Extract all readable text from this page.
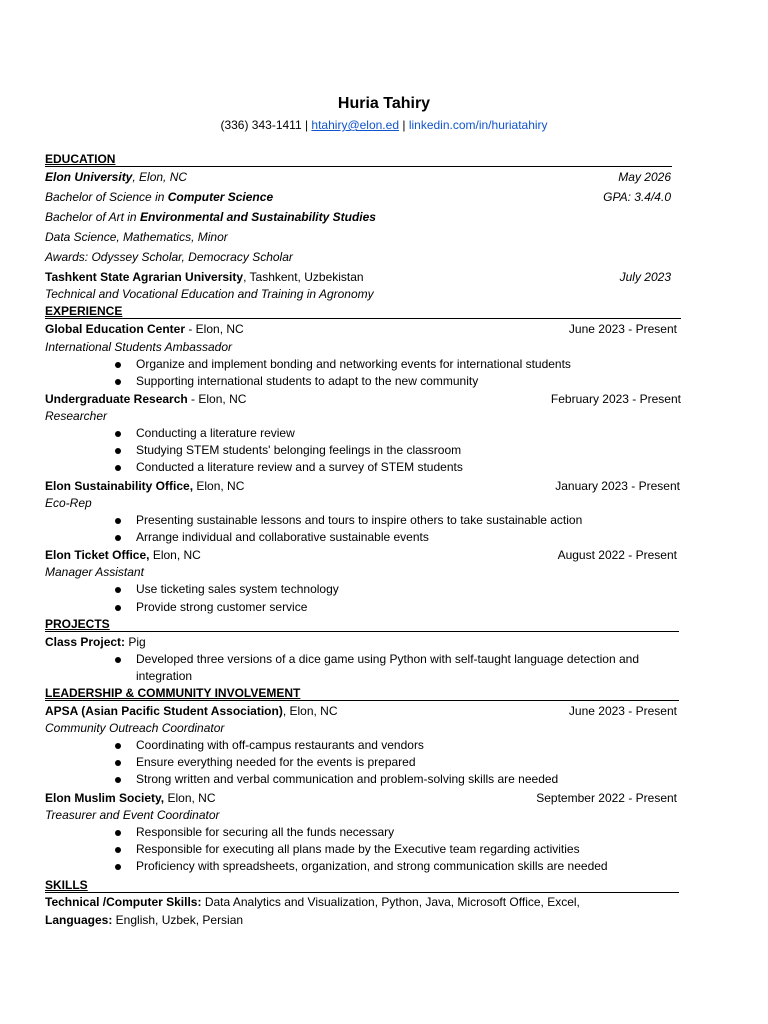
Huria Tahiry
(336) 343-1411 | htahiry@elon.ed | linkedin.com/in/huriatahiry
EDUCATION
Elon University, Elon, NC	May 2026
Bachelor of Science in Computer Science	GPA: 3.4/4.0
Bachelor of Art in Environmental and Sustainability Studies
Data Science, Mathematics, Minor
Awards: Odyssey Scholar, Democracy Scholar
Tashkent State Agrarian University, Tashkent, Uzbekistan	July 2023
Technical and Vocational Education and Training in Agronomy
EXPERIENCE
Global Education Center - Elon, NC	June 2023 - Present
International Students Ambassador
Organize and implement bonding and networking events for international students
Supporting international students to adapt to the new community
Undergraduate Research - Elon, NC	February 2023 - Present
Researcher
Conducting a literature review
Studying STEM students' belonging feelings in the classroom
Conducted a literature review and a survey of STEM students
Elon Sustainability Office, Elon, NC	January 2023 - Present
Eco-Rep
Presenting sustainable lessons and tours to inspire others to take sustainable action
Arrange individual and collaborative sustainable events
Elon Ticket Office, Elon, NC	August 2022 - Present
Manager Assistant
Use ticketing sales system technology
Provide strong customer service
PROJECTS
Class Project: Pig
Developed three versions of a dice game using Python with self-taught language detection and integration
LEADERSHIP & COMMUNITY INVOLVEMENT
APSA (Asian Pacific Student Association), Elon, NC	June 2023 - Present
Community Outreach Coordinator
Coordinating with off-campus restaurants and vendors
Ensure everything needed for the events is prepared
Strong written and verbal communication and problem-solving skills are needed
Elon Muslim Society, Elon, NC	September 2022 - Present
Treasurer and Event Coordinator
Responsible for securing all the funds necessary
Responsible for executing all plans made by the Executive team regarding activities
Proficiency with spreadsheets, organization, and strong communication skills are needed
SKILLS
Technical /Computer Skills: Data Analytics and Visualization, Python, Java, Microsoft Office, Excel,
Languages: English, Uzbek, Persian
